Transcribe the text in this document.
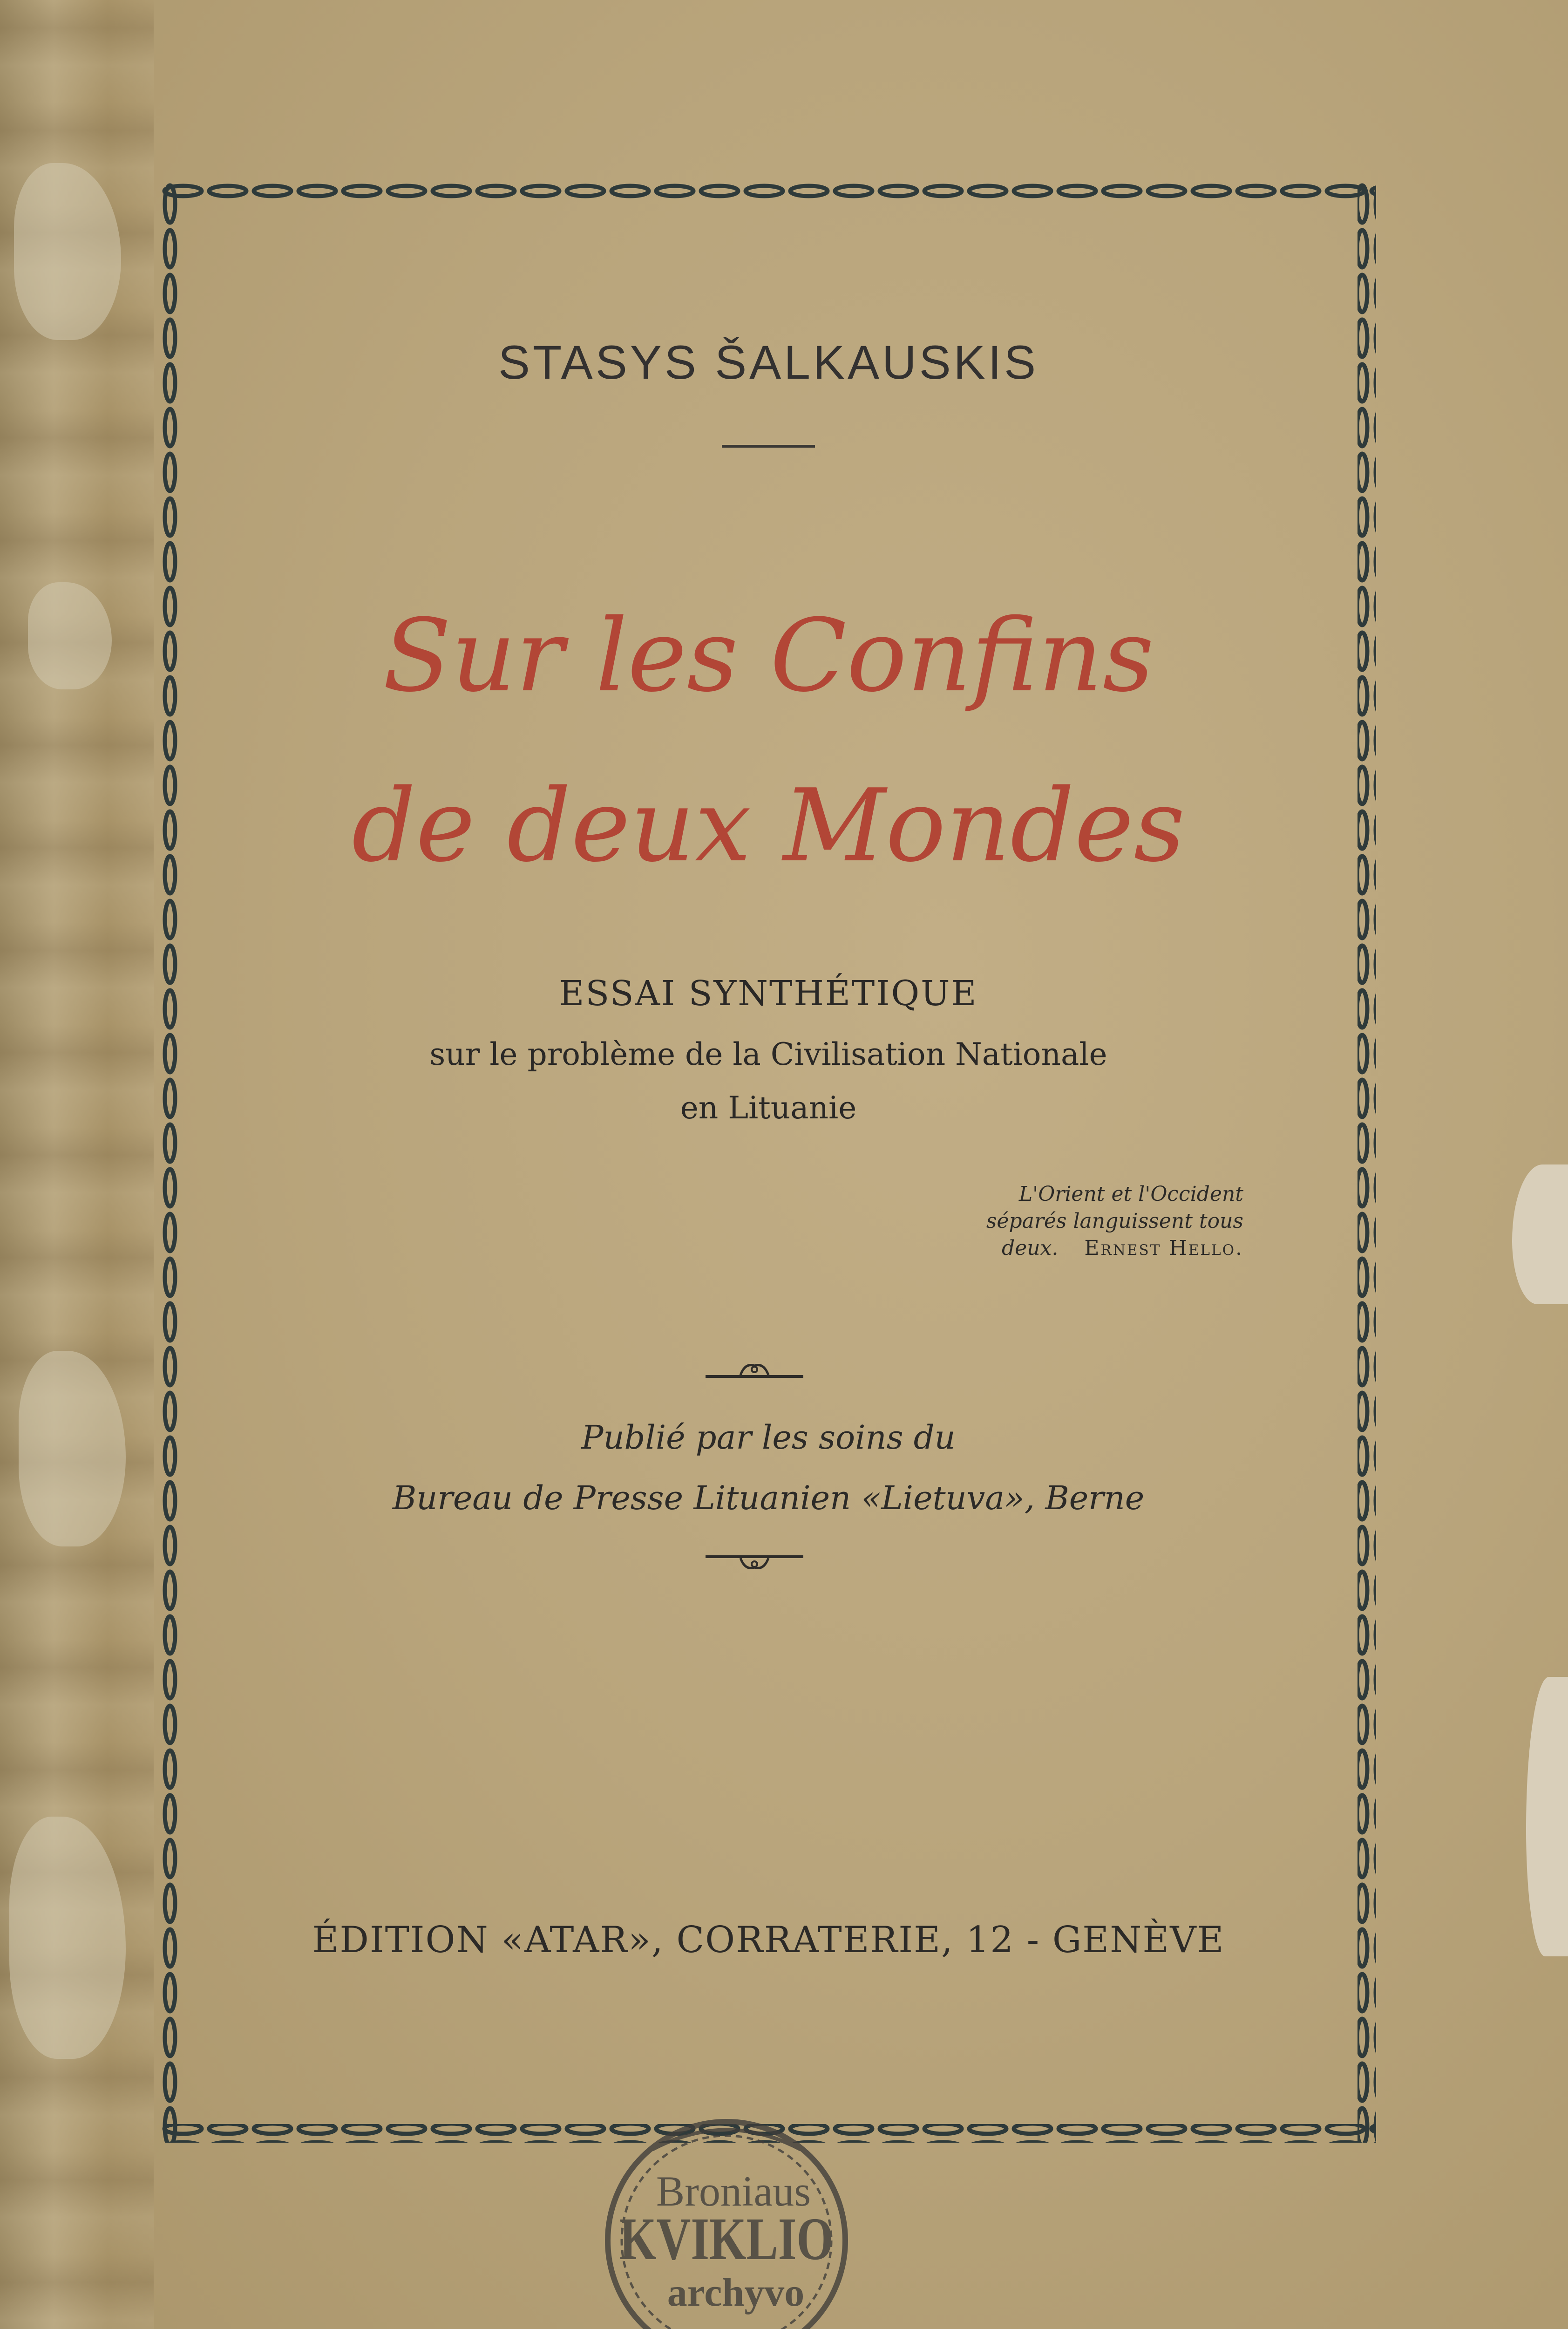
STASYS ŠALKAUSKIS
Sur les Confins
de deux Mondes
ESSAI SYNTHÉTIQUE
sur le problème de la Civilisation Nationale
en Lituanie
L'Orient et l'Occident
séparés languissent tous
deux. Ernest Hello.
Publié par les soins du
Bureau de Presse Lituanien «Lietuva», Berne
ÉDITION «ATAR», CORRATERIE, 12 - GENÈVE
Broniaus
KVIKLIO
archyvo
